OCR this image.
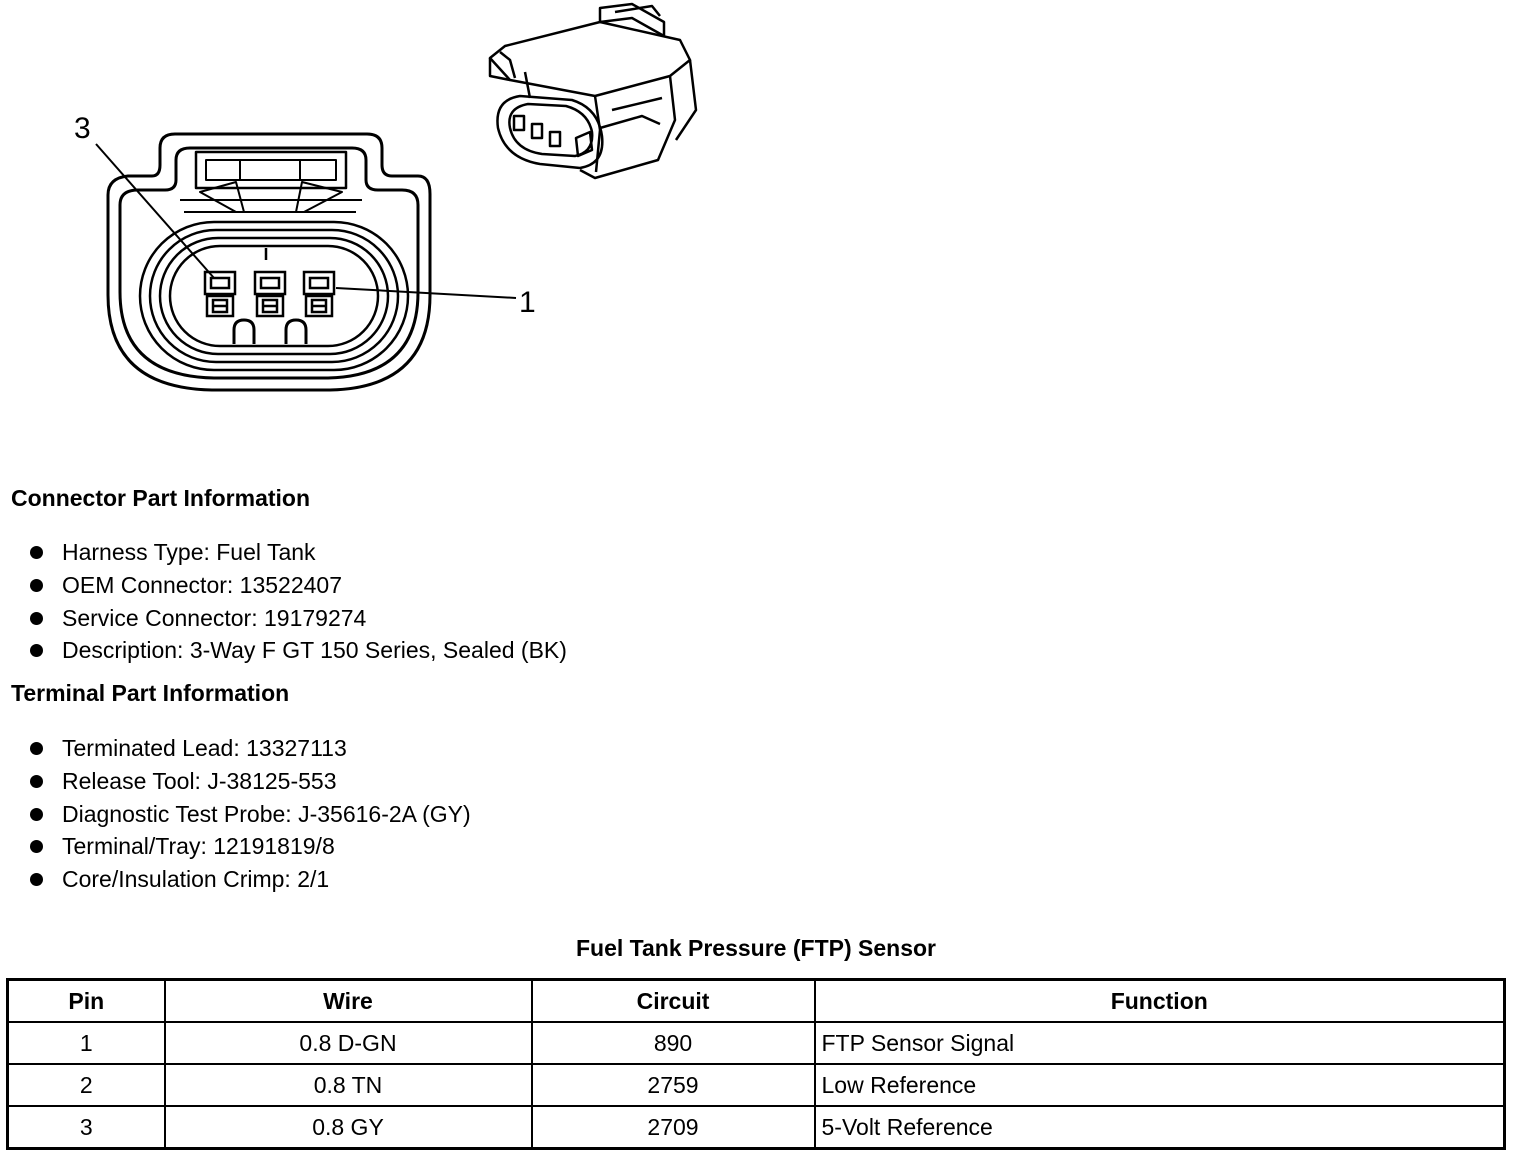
3
1
Connector Part Information
Harness Type: Fuel Tank
OEM Connector: 13522407
Service Connector: 19179274
Description: 3-Way F GT 150 Series, Sealed (BK)
Terminal Part Information
Terminated Lead: 13327113
Release Tool: J-38125-553
Diagnostic Test Probe: J-35616-2A (GY)
Terminal/Tray: 12191819/8
Core/Insulation Crimp: 2/1
Fuel Tank Pressure (FTP) Sensor
Pin	Wire	Circuit	Function
1	0.8 D-GN	890	FTP Sensor Signal
2	0.8 TN	2759	Low Reference
3	0.8 GY	2709	5-Volt Reference
